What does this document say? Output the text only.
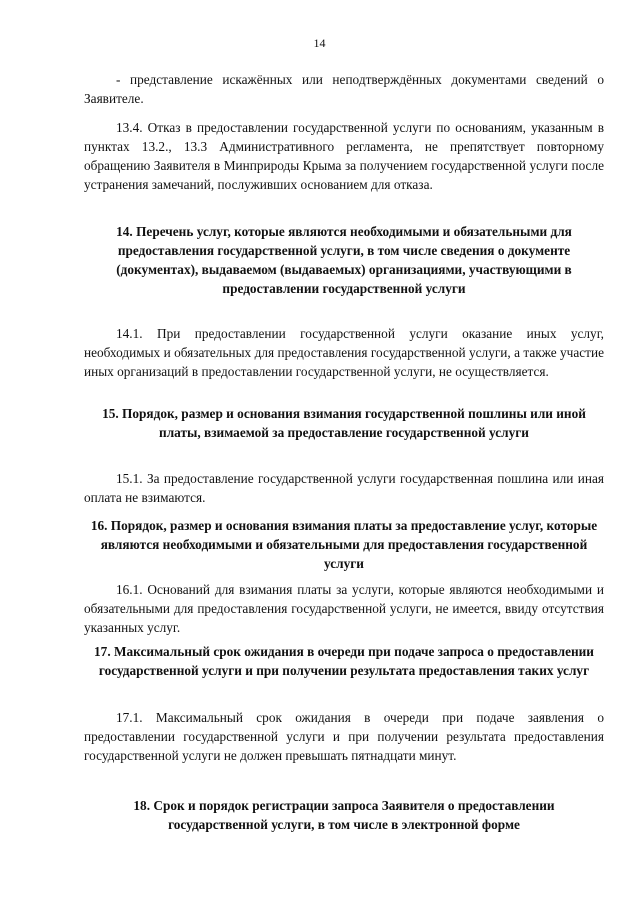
14

- представление искажённых или неподтверждённых документами сведений о Заявителе.

13.4. Отказ в предоставлении государственной услуги по основаниям, указанным в пунктах 13.2., 13.3 Административного регламента, не препятствует повторному обращению Заявителя в Минприроды Крыма за получением государственной услуги после устранения замечаний, послуживших основанием для отказа.

14. Перечень услуг, которые являются необходимыми и обязательными для предоставления государственной услуги, в том числе сведения о документе (документах), выдаваемом (выдаваемых) организациями, участвующими в предоставлении государственной услуги

14.1. При предоставлении государственной услуги оказание иных услуг, необходимых и обязательных для предоставления государственной услуги, а также участие иных организаций в предоставлении государственной услуги, не осуществляется.

15. Порядок, размер и основания взимания государственной пошлины или иной платы, взимаемой за предоставление государственной услуги

15.1. За предоставление государственной услуги государственная пошлина или иная оплата не взимаются.

16. Порядок, размер и основания взимания платы за предоставление услуг, которые являются необходимыми и обязательными для предоставления государственной услуги

16.1. Оснований для взимания платы за услуги, которые являются необходимыми и обязательными для предоставления государственной услуги, не имеется, ввиду отсутствия указанных услуг.

17. Максимальный срок ожидания в очереди при подаче запроса о предоставлении государственной услуги и при получении результата предоставления таких услуг

17.1. Максимальный срок ожидания в очереди при подаче заявления о предоставлении государственной услуги и при получении результата предоставления государственной услуги не должен превышать пятнадцати минут.

18. Срок и порядок регистрации запроса Заявителя о предоставлении государственной услуги, в том числе в электронной форме
